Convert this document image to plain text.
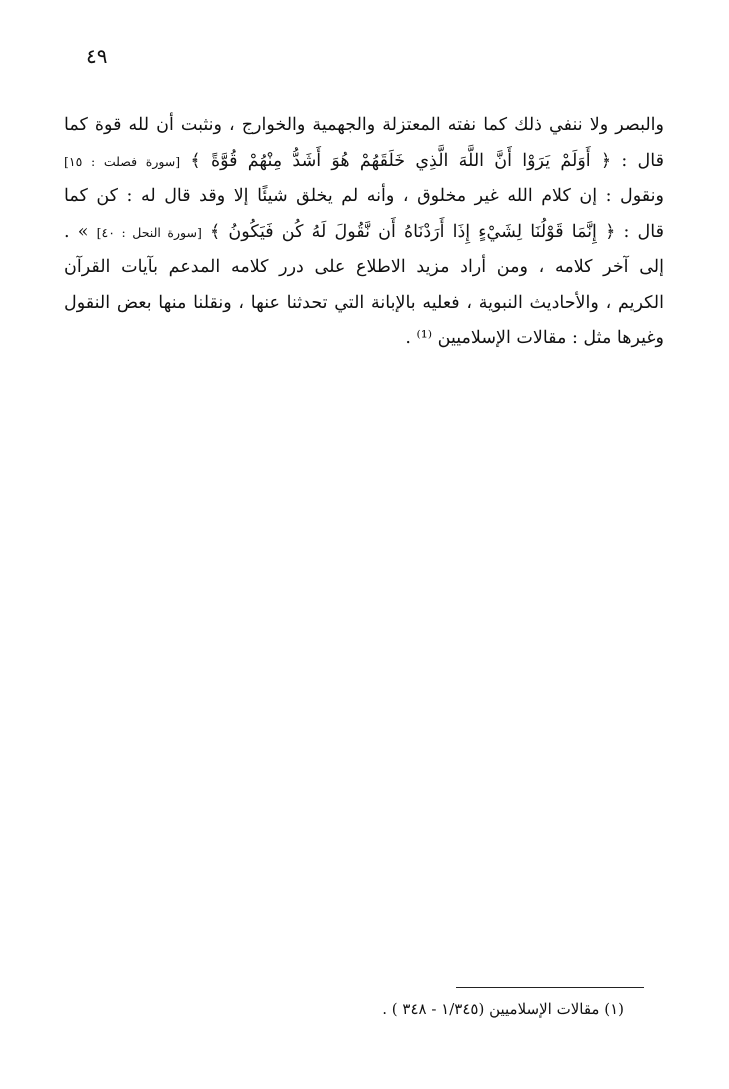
٤٩
والبصر ولا ننفي ذلك كما نفته المعتزلة والجهمية والخوارج ، ونثبت أن لله قوة كما
قال : ﴿ أَوَلَمْ يَرَوْا أَنَّ اللَّهَ الَّذِي خَلَقَهُمْ هُوَ أَشَدُّ مِنْهُمْ قُوَّةً ﴾ [سورة فصلت : ١٥]
ونقول : إن كلام الله غير مخلوق ، وأنه لم يخلق شيئًا إلا وقد قال له : كن كما
قال : ﴿ إِنَّمَا قَوْلُنَا لِشَيْءٍ إِذَا أَرَدْنَاهُ أَن نَّقُولَ لَهُ كُن فَيَكُونُ ﴾ [سورة النحل : ٤٠] » .
إلى آخر كلامه ، ومن أراد مزيد الاطلاع على درر كلامه المدعم بآيات القرآن
الكريم ، والأحاديث النبوية ، فعليه بالإبانة التي تحدثنا عنها ، ونقلنا منها بعض النقول
وغيرها مثل : مقالات الإسلاميين ⁽¹⁾ .
(١) مقالات الإسلاميين (١/٣٤٥ - ٣٤٨ ) .
